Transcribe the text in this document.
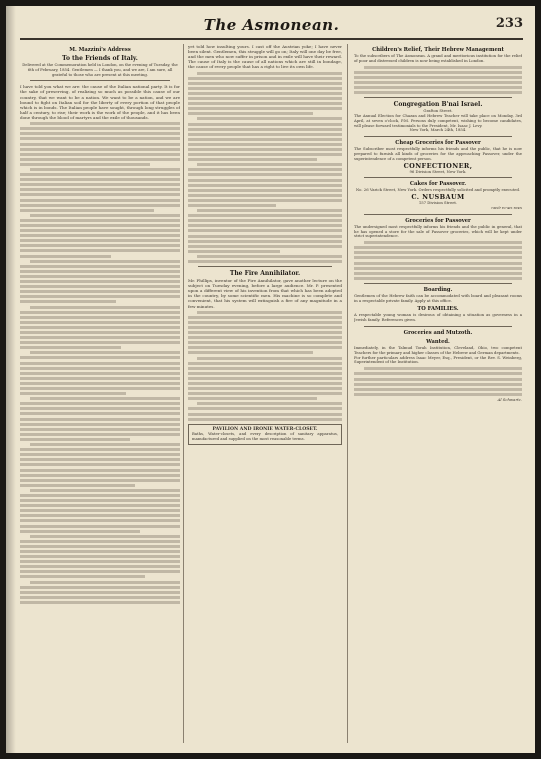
The Asmonean.	233
M. Mazzini's Address
To the Friends of Italy.
Delivered at the Commemoration held in London, on the evening of Tuesday, the 6th of February, 1854. Gentlemen — I thank you, and we are, I am sure, all grateful to those who are present at this meeting.
I have told you what we are: the cause of the Italian national party. It is for the sake of preserving, of realizing so much as possible this cause of our country, that we want to be a nation. We want to be a nation, and we are bound to fight on Italian soil for the liberty of every portion of that people which is in bonds. The Italian people have sought, through long struggles of half a century, to rise; their work is the work of the people, and it has been done through the blood of martyrs and the exile of thousands.
yet told how insulting yours. I cast off the Austrian yoke; I have never been silent. Gentlemen, this struggle will go on; Italy will one day be free, and the men who now suffer in prison and in exile will have their reward. The cause of Italy is the cause of all nations which are still in bondage, the cause of every people that has a right to live its own life.
The Fire Annihilator.
Mr. Phillips, inventor of the Fire Annihilator, gave another lecture on the subject on Tuesday evening, before a large audience. Mr. P. presented upon a different view of his invention from that which has been adopted in the country, by some scientific men. His machine is so complete and convenient, that his system will extinguish a fire of any magnitude in a few minutes.
PAVILION AND IRONIE WATER-CLOSET.
Baths, Water-closets, and every description of sanitary apparatus, manufactured and supplied on the most reasonable terms.
Children's Relief, Their Hebrew Management
To the subscribers of The Asmonean. A grand and meritorious institution for the relief of poor and distressed children is now being established in London.
Congregation B'nai Israel.
Grafton Street.
The Annual Election for Chazan and Hebrew Teacher will take place on Monday, 3rd April, at seven o'clock, P.M. Persons duly competent, wishing to become candidates, will please forward testimonials to the President, Mr. Isaac J. Levy.
New York, March 24th, 1854.
Cheap Groceries for Passover
The Subscriber most respectfully informs his friends and the public, that he is now prepared to furnish all kinds of groceries for the approaching Passover, under the superintendence of a competent person.
CONFECTIONER,
96 Division Street, New York.
Cakes for Passover.
No. 26 Varick Street, New York. Orders respectfully solicited and promptly executed.
C. NUSBAUM
157 Division Street.
מצות כשרות לפסח
Groceries for Passover
The undersigned most respectfully informs his friends and the public in general, that he has opened a store for the sale of Passover groceries, which will be kept under strict superintendence.
Boarding.
Gentlemen of the Hebrew faith can be accommodated with board and pleasant rooms in a respectable private family. Apply at this office.
TO FAMILIES.
A respectable young woman is desirous of obtaining a situation as governess in a Jewish family. References given.
Groceries and Mutzoth.
Wanted.
Immediately, in the Talmud Torah Institution, Cleveland, Ohio, two competent Teachers for the primary and higher classes of the Hebrew and German departments.
For further particulars address Isaac Meyer, Esq., President, or the Rev. S. Weinberg, Superintendent of the Institution.
Al Schwartz.
